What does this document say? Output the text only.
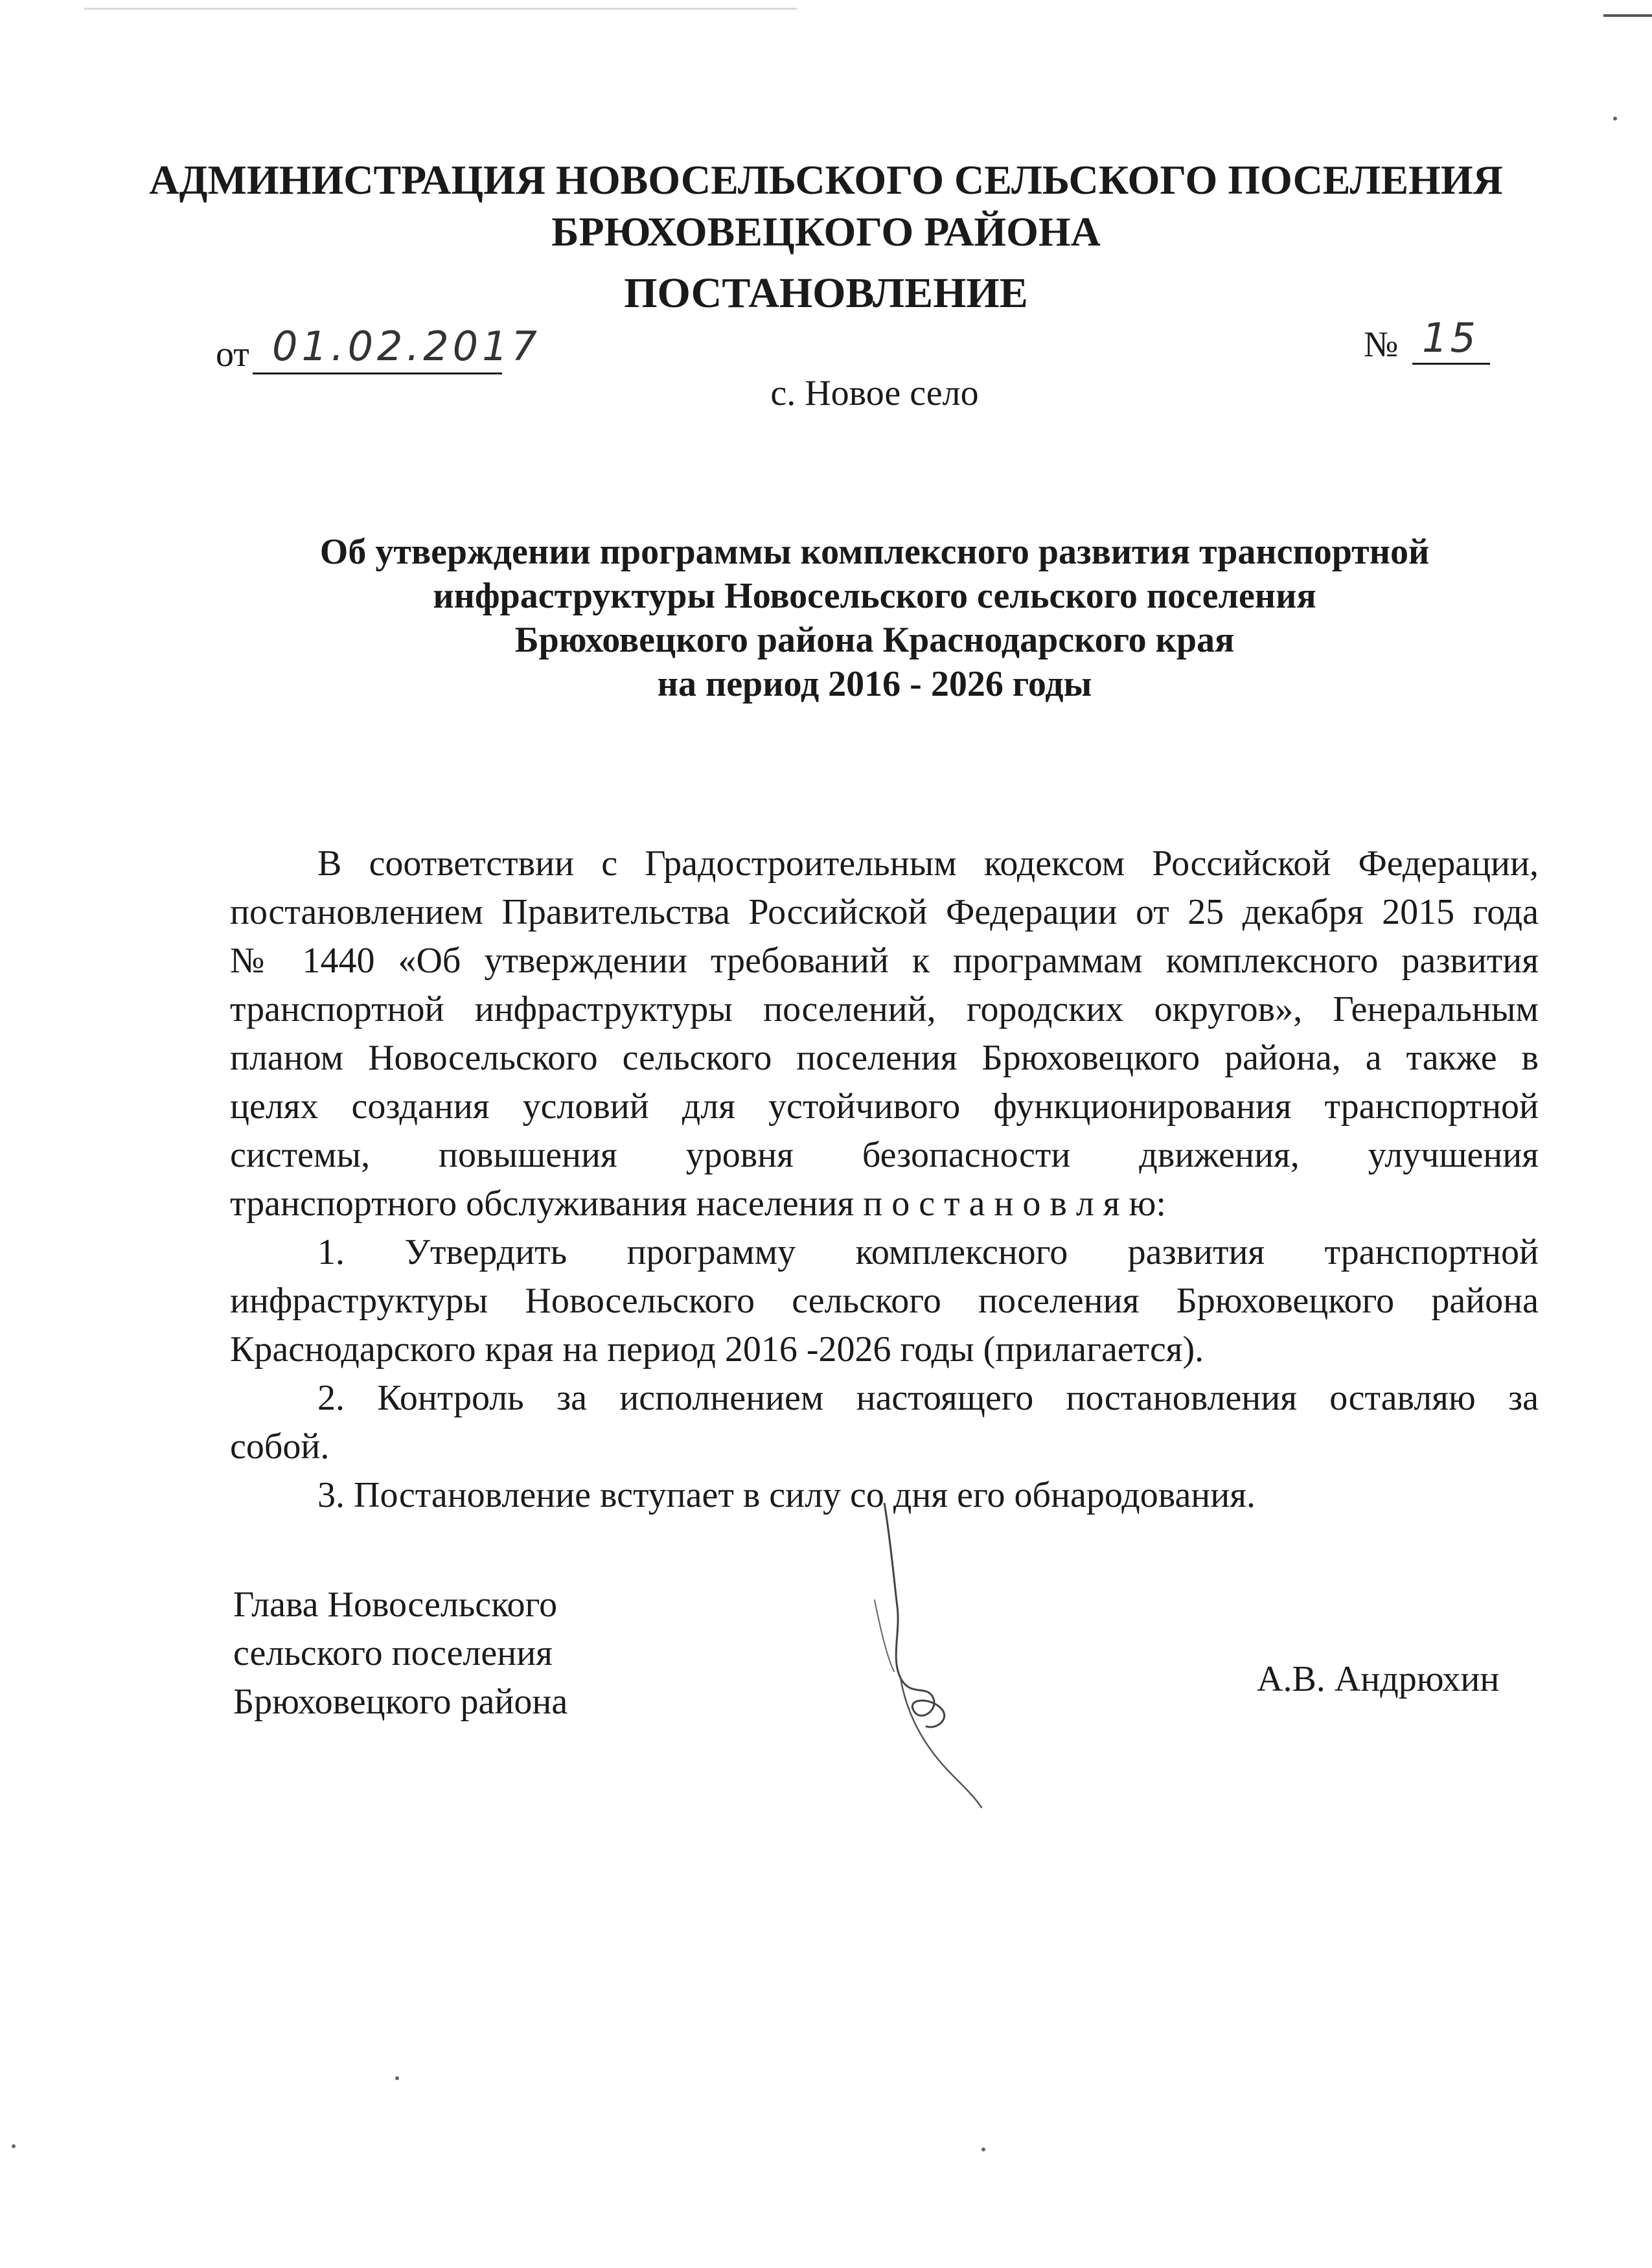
АДМИНИСТРАЦИЯ НОВОСЕЛЬСКОГО СЕЛЬСКОГО ПОСЕЛЕНИЯ
БРЮХОВЕЦКОГО РАЙОНА
ПОСТАНОВЛЕНИЕ
от 01.02.2017	№ 15
с. Новое село
Об утверждении программы комплексного развития транспортной
инфраструктуры Новосельского сельского поселения
Брюховецкого района Краснодарского края
на период 2016 - 2026 годы
В соответствии с Градостроительным кодексом Российской Федерации,
постановлением Правительства Российской Федерации от 25 декабря 2015 года
№ 1440 «Об утверждении требований к программам комплексного развития
транспортной инфраструктуры поселений, городских округов», Генеральным
планом Новосельского сельского поселения Брюховецкого района, а также в
целях создания условий для устойчивого функционирования транспортной
системы, повышения уровня безопасности движения, улучшения
транспортного обслуживания населения п о с т а н о в л я ю:
1. Утвердить программу комплексного развития транспортной
инфраструктуры Новосельского сельского поселения Брюховецкого района
Краснодарского края на период 2016 -2026 годы (прилагается).
2. Контроль за исполнением настоящего постановления оставляю за
собой.
3. Постановление вступает в силу со дня его обнародования.
Глава Новосельского
сельского поселения
Брюховецкого района
А.В. Андрюхин
